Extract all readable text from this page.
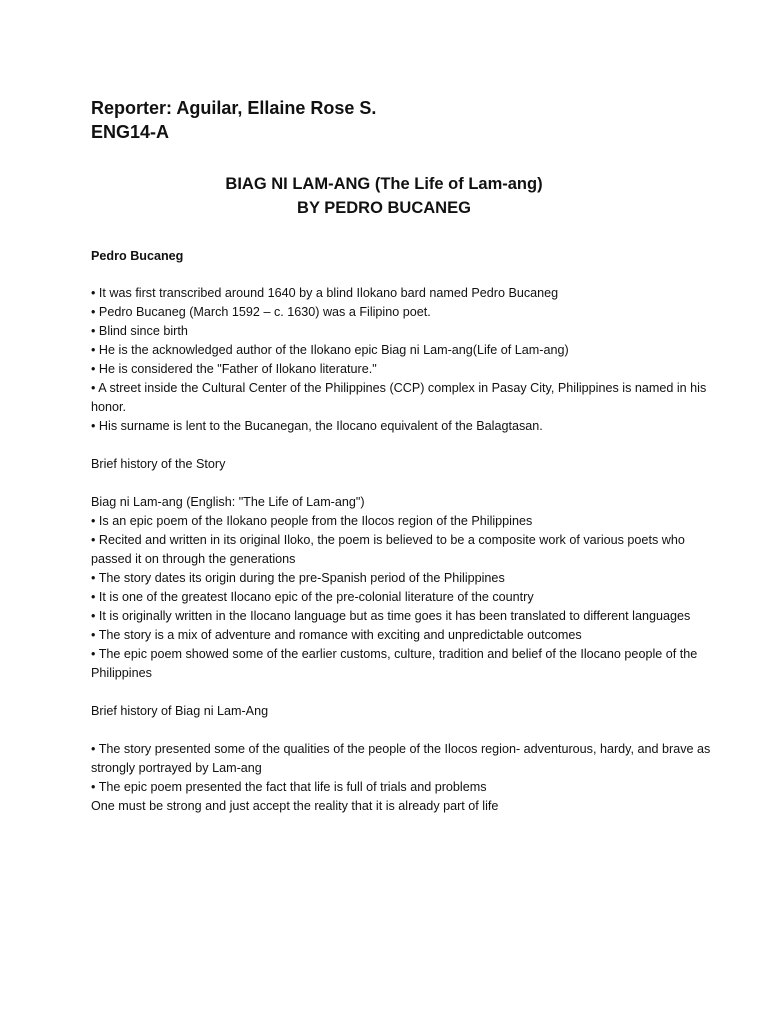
Reporter: Aguilar, Ellaine Rose S.
ENG14-A
BIAG NI LAM-ANG (The Life of Lam-ang)
BY PEDRO BUCANEG

Pedro Bucaneg

• It was first transcribed around 1640 by a blind Ilokano bard named Pedro Bucaneg
• Pedro Bucaneg (March 1592 – c. 1630) was a Filipino poet.
• Blind since birth
• He is the acknowledged author of the Ilokano epic Biag ni Lam-ang(Life of Lam-ang)
• He is considered the "Father of Ilokano literature."
• A street inside the Cultural Center of the Philippines (CCP) complex in Pasay City, Philippines is named in his honor.
• His surname is lent to the Bucanegan, the Ilocano equivalent of the Balagtasan.

Brief history of the Story

Biag ni Lam-ang (English: "The Life of Lam-ang")

• Is an epic poem of the Ilokano people from the Ilocos region of the Philippines
• Recited and written in its original Iloko, the poem is believed to be a composite work of various poets who passed it on through the generations
• The story dates its origin during the pre-Spanish period of the Philippines
• It is one of the greatest Ilocano epic of the pre-colonial literature of the country
• It is originally written in the Ilocano language but as time goes it has been translated to different languages
• The story is a mix of adventure and romance with exciting and unpredictable outcomes
• The epic poem showed some of the earlier customs, culture, tradition and belief of the Ilocano people of the Philippines

Brief history of Biag ni Lam-Ang

• The story presented some of the qualities of the people of the Ilocos region- adventurous, hardy, and brave as strongly portrayed by Lam-ang
• The epic poem presented the fact that life is full of trials and problems

One must be strong and just accept the reality that it is already part of life
